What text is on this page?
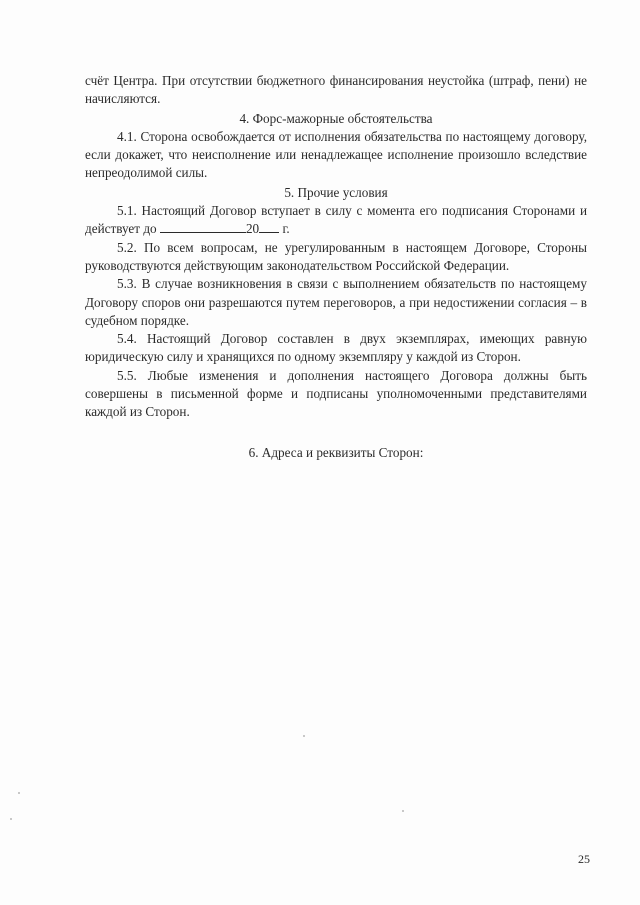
счёт Центра. При отсутствии бюджетного финансирования неустойка (штраф, пени) не начисляются.

4. Форс-мажорные обстоятельства

4.1. Сторона освобождается от исполнения обязательства по настоящему договору, если докажет, что неисполнение или ненадлежащее исполнение произошло вследствие непреодолимой силы.

5. Прочие условия

5.1. Настоящий Договор вступает в силу с момента его подписания Сторонами и действует до	20 г.

5.2. По всем вопросам, не урегулированным в настоящем Договоре, Стороны руководствуются действующим законодательством Российской Федерации.

5.3. В случае возникновения в связи с выполнением обязательств по настоящему Договору споров они разрешаются путем переговоров, а при недостижении согласия – в судебном порядке.

5.4. Настоящий Договор составлен в двух экземплярах, имеющих равную юридическую силу и хранящихся по одному экземпляру у каждой из Сторон.

5.5. Любые изменения и дополнения настоящего Договора должны быть совершены в письменной форме и подписаны уполномоченными представителями каждой из Сторон.

6. Адреса и реквизиты Сторон:

25
